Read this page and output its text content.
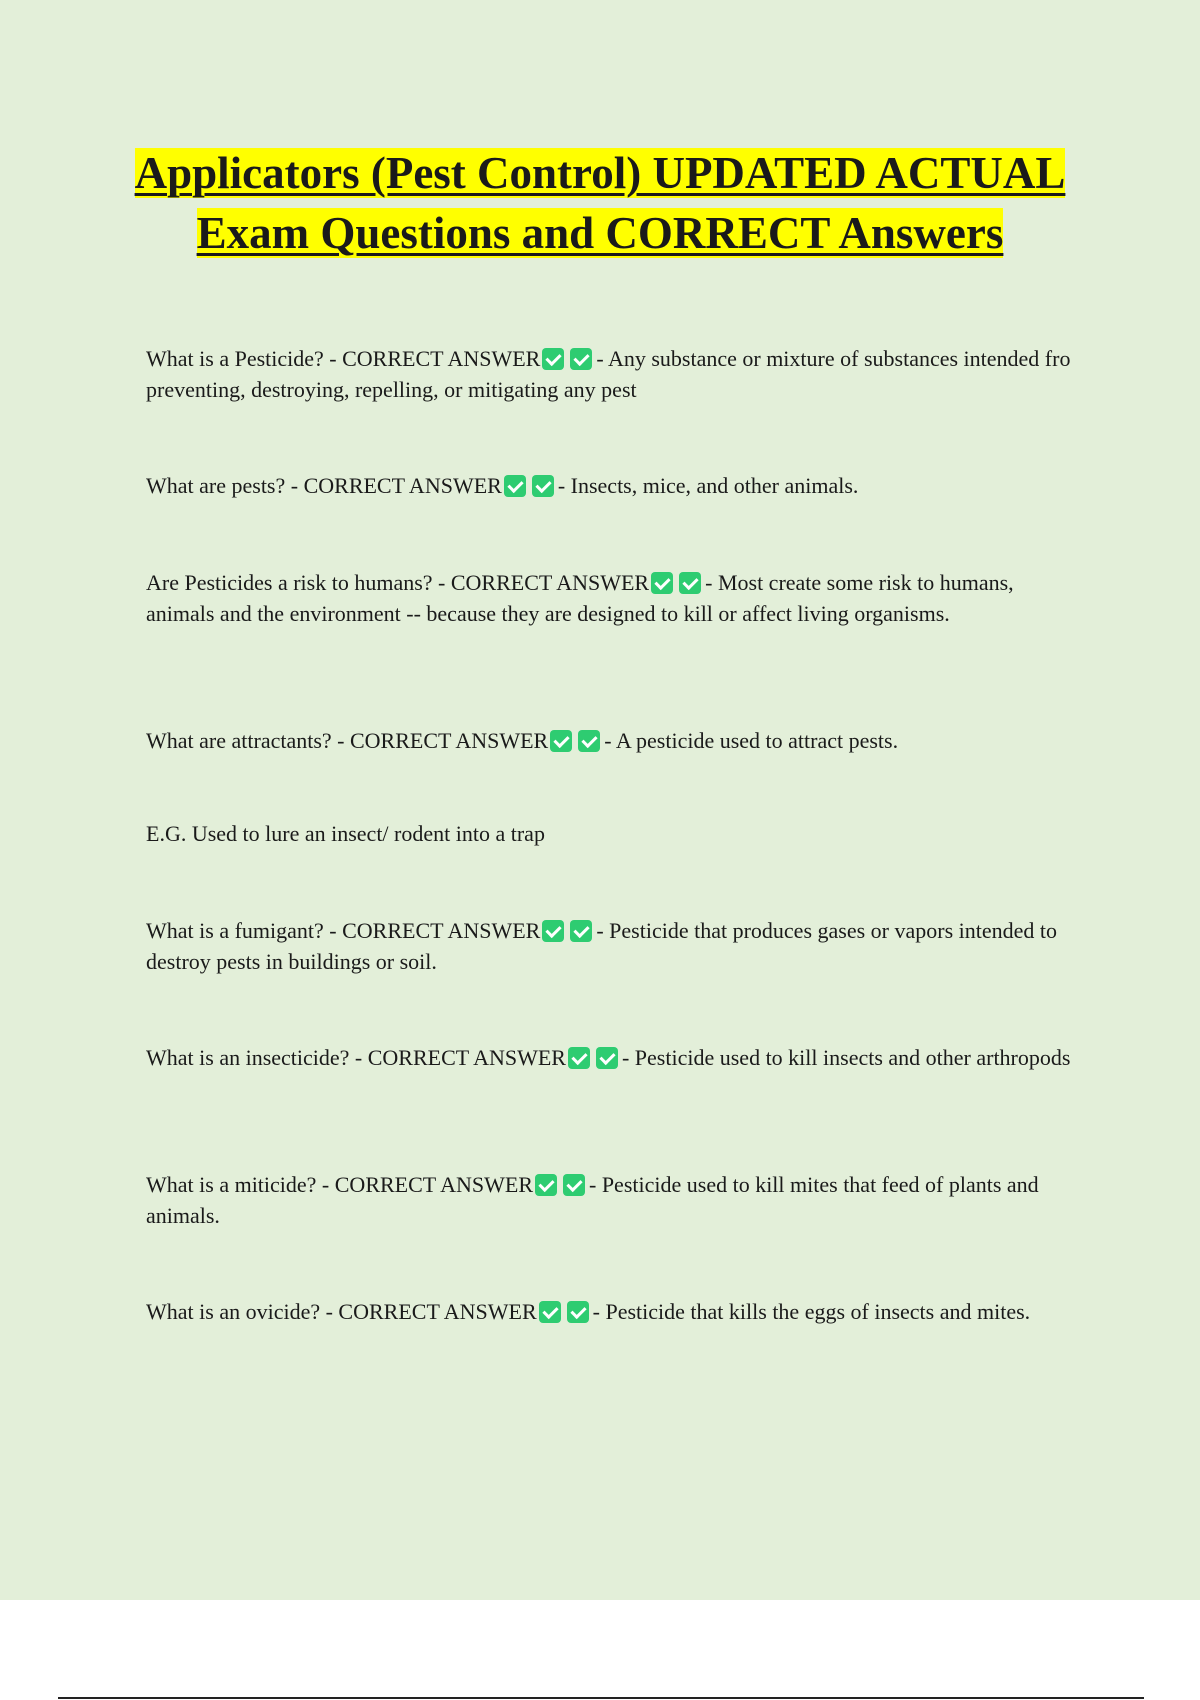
Applicators (Pest Control) UPDATED ACTUAL Exam Questions and CORRECT Answers

What is a Pesticide? - CORRECT ANSWER	- Any substance or mixture of substances intended fro preventing, destroying, repelling, or mitigating any pest

What are pests? - CORRECT ANSWER	- Insects, mice, and other animals.

Are Pesticides a risk to humans? - CORRECT ANSWER	- Most create some risk to humans, animals and the environment -- because they are designed to kill or affect living organisms.

What are attractants? - CORRECT ANSWER	- A pesticide used to attract pests.

E.G. Used to lure an insect/ rodent into a trap

What is a fumigant? - CORRECT ANSWER	- Pesticide that produces gases or vapors intended to destroy pests in buildings or soil.

What is an insecticide? - CORRECT ANSWER	- Pesticide used to kill insects and other arthropods

What is a miticide? - CORRECT ANSWER	- Pesticide used to kill mites that feed of plants and animals.

What is an ovicide? - CORRECT ANSWER	- Pesticide that kills the eggs of insects and mites.
